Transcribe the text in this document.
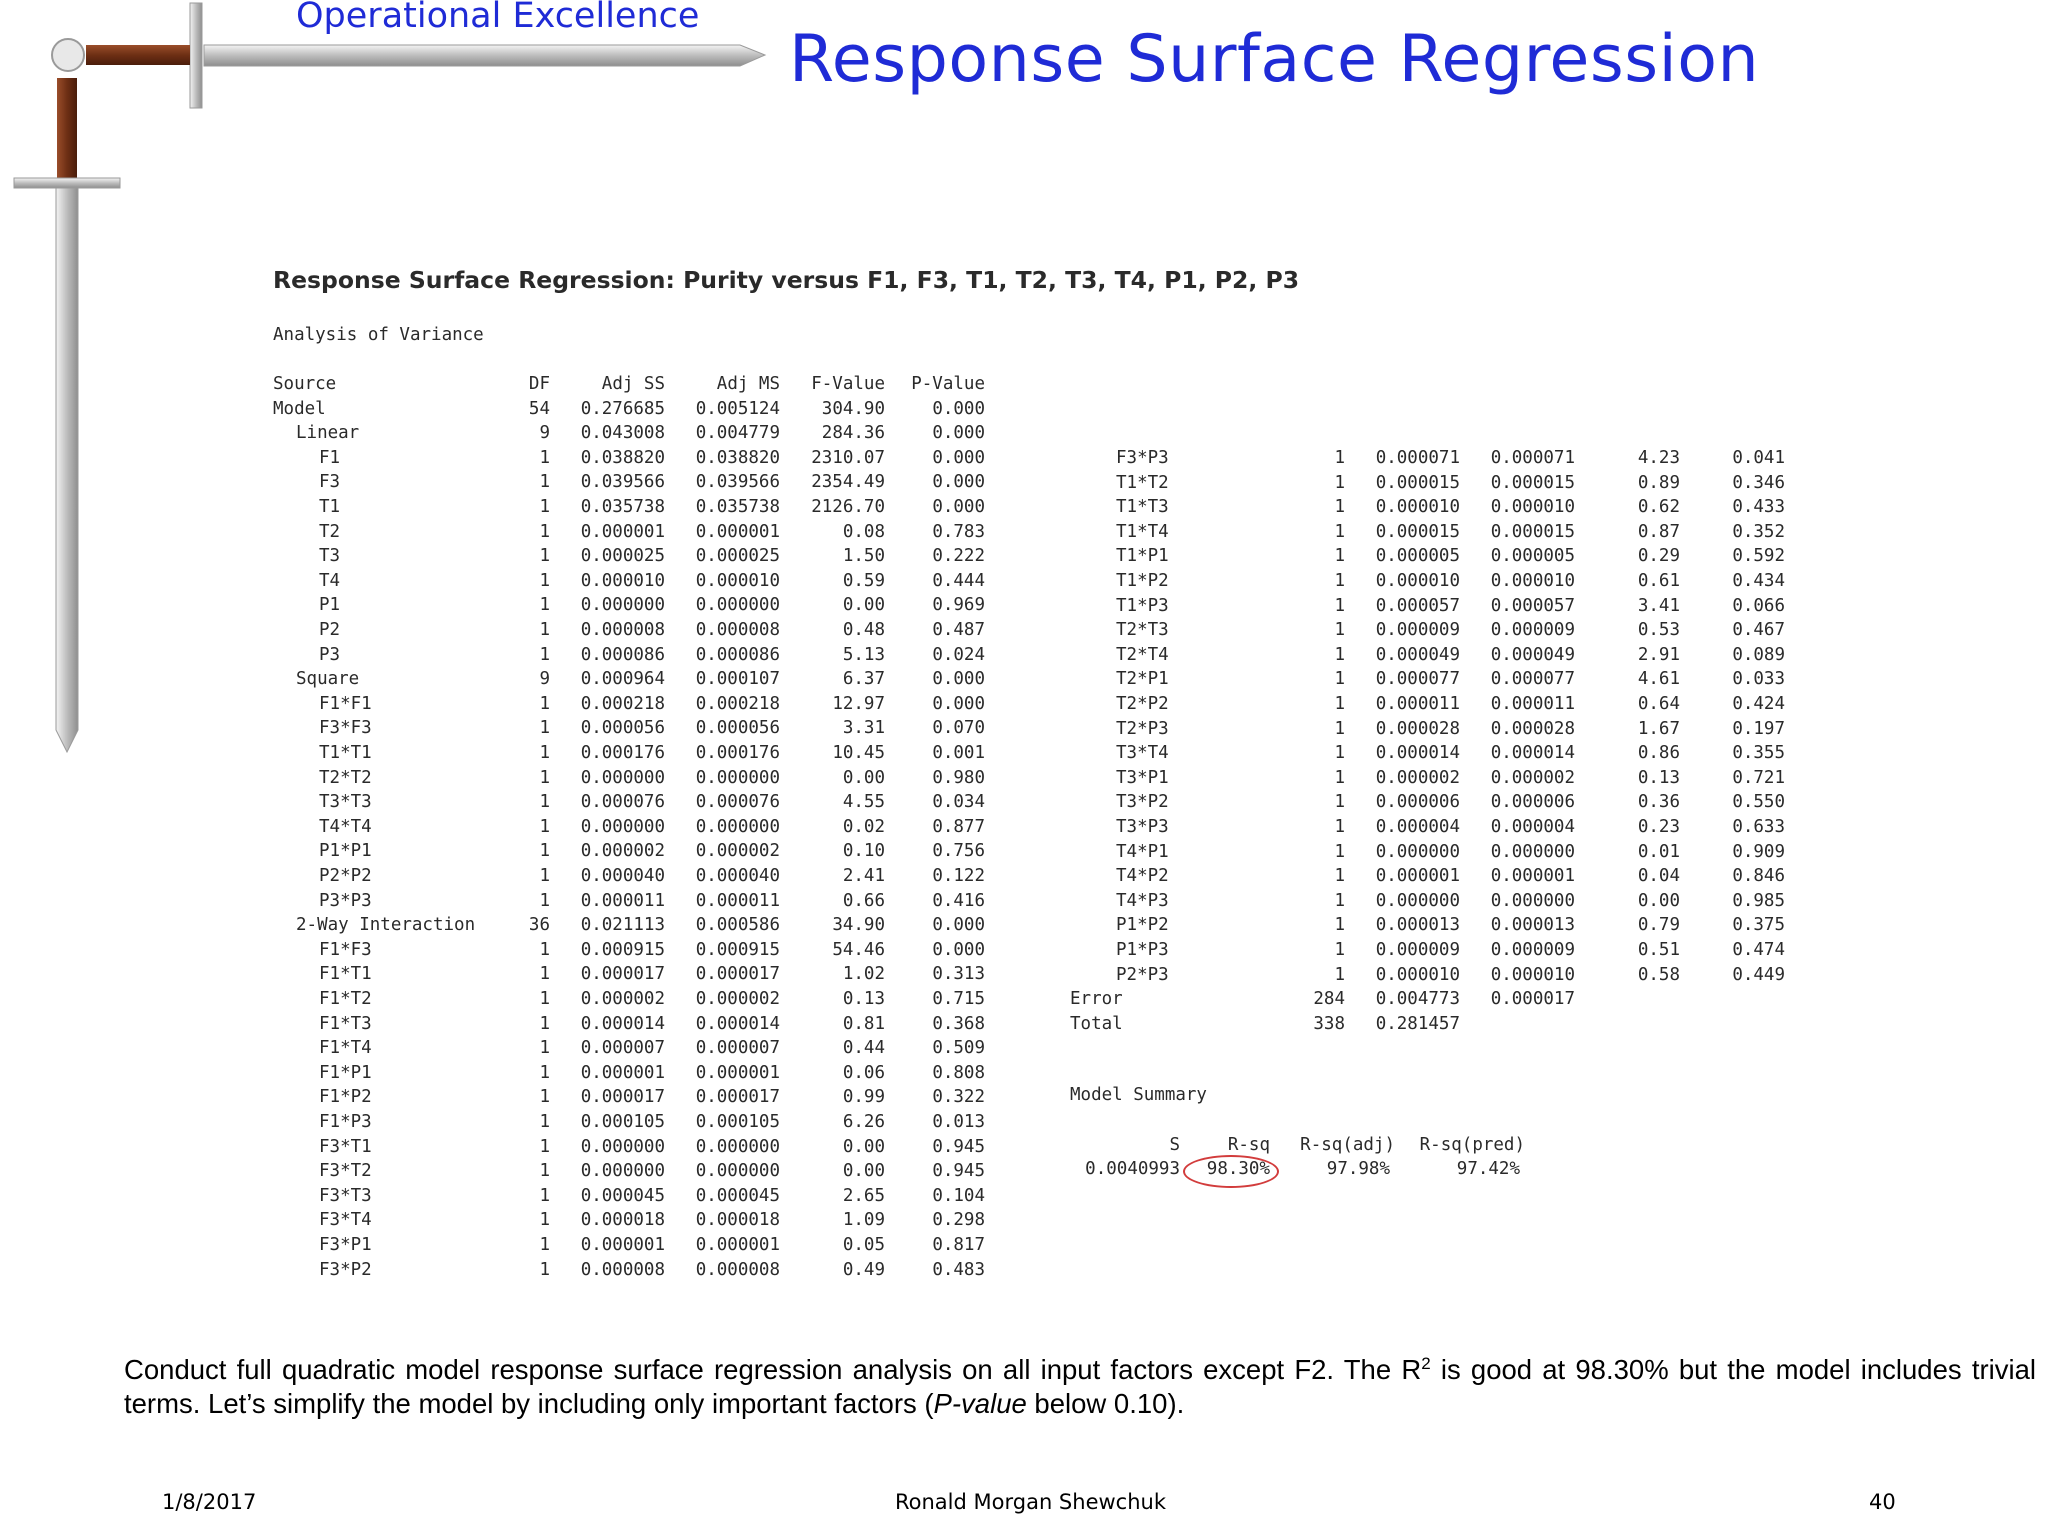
Operational Excellence
Response Surface Regression
Response Surface Regression: Purity versus F1, F3, T1, T2, T3, T4, P1, P2, P3
Analysis of Variance
Source	DF	Adj SS	Adj MS	F-Value	P-Value
Model	54	0.276685	0.005124	304.90	0.000
Linear	9	0.043008	0.004779	284.36	0.000
F1	1	0.038820	0.038820	2310.07	0.000
F3	1	0.039566	0.039566	2354.49	0.000
T1	1	0.035738	0.035738	2126.70	0.000
T2	1	0.000001	0.000001	0.08	0.783
T3	1	0.000025	0.000025	1.50	0.222
T4	1	0.000010	0.000010	0.59	0.444
P1	1	0.000000	0.000000	0.00	0.969
P2	1	0.000008	0.000008	0.48	0.487
P3	1	0.000086	0.000086	5.13	0.024
Square	9	0.000964	0.000107	6.37	0.000
F1*F1	1	0.000218	0.000218	12.97	0.000
F3*F3	1	0.000056	0.000056	3.31	0.070
T1*T1	1	0.000176	0.000176	10.45	0.001
T2*T2	1	0.000000	0.000000	0.00	0.980
T3*T3	1	0.000076	0.000076	4.55	0.034
T4*T4	1	0.000000	0.000000	0.02	0.877
P1*P1	1	0.000002	0.000002	0.10	0.756
P2*P2	1	0.000040	0.000040	2.41	0.122
P3*P3	1	0.000011	0.000011	0.66	0.416
2-Way Interaction	36	0.021113	0.000586	34.90	0.000
F1*F3	1	0.000915	0.000915	54.46	0.000
F1*T1	1	0.000017	0.000017	1.02	0.313
F1*T2	1	0.000002	0.000002	0.13	0.715
F1*T3	1	0.000014	0.000014	0.81	0.368
F1*T4	1	0.000007	0.000007	0.44	0.509
F1*P1	1	0.000001	0.000001	0.06	0.808
F1*P2	1	0.000017	0.000017	0.99	0.322
F1*P3	1	0.000105	0.000105	6.26	0.013
F3*T1	1	0.000000	0.000000	0.00	0.945
F3*T2	1	0.000000	0.000000	0.00	0.945
F3*T3	1	0.000045	0.000045	2.65	0.104
F3*T4	1	0.000018	0.000018	1.09	0.298
F3*P1	1	0.000001	0.000001	0.05	0.817
F3*P2	1	0.000008	0.000008	0.49	0.483
F3*P3	1	0.000071	0.000071	4.23	0.041
T1*T2	1	0.000015	0.000015	0.89	0.346
T1*T3	1	0.000010	0.000010	0.62	0.433
T1*T4	1	0.000015	0.000015	0.87	0.352
T1*P1	1	0.000005	0.000005	0.29	0.592
T1*P2	1	0.000010	0.000010	0.61	0.434
T1*P3	1	0.000057	0.000057	3.41	0.066
T2*T3	1	0.000009	0.000009	0.53	0.467
T2*T4	1	0.000049	0.000049	2.91	0.089
T2*P1	1	0.000077	0.000077	4.61	0.033
T2*P2	1	0.000011	0.000011	0.64	0.424
T2*P3	1	0.000028	0.000028	1.67	0.197
T3*T4	1	0.000014	0.000014	0.86	0.355
T3*P1	1	0.000002	0.000002	0.13	0.721
T3*P2	1	0.000006	0.000006	0.36	0.550
T3*P3	1	0.000004	0.000004	0.23	0.633
T4*P1	1	0.000000	0.000000	0.01	0.909
T4*P2	1	0.000001	0.000001	0.04	0.846
T4*P3	1	0.000000	0.000000	0.00	0.985
P1*P2	1	0.000013	0.000013	0.79	0.375
P1*P3	1	0.000009	0.000009	0.51	0.474
P2*P3	1	0.000010	0.000010	0.58	0.449
Error	284	0.004773	0.000017
Total	338	0.281457
Model Summary
S	R-sq	R-sq(adj)	R-sq(pred)
0.0040993	98.30%	97.98%	97.42%
Conduct full quadratic model response surface regression analysis on all input factors except F2. The $R^2$ is good at 98.30% but the model includes trivial terms. Let’s simplify the model by including only important factors (P-value below 0.10).
1/8/2017	Ronald Morgan Shewchuk	40
